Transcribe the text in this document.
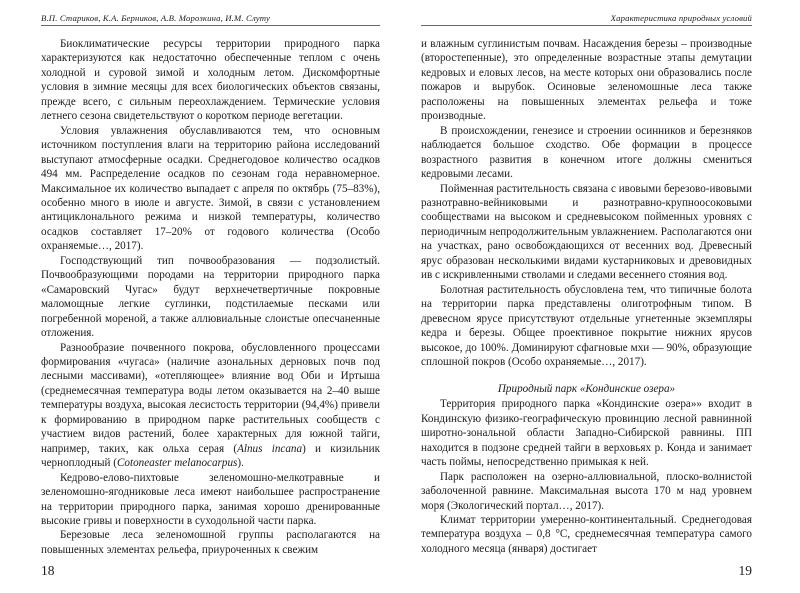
В.П. Стариков, К.А. Берников, А.В. Морозкина, И.М. Слуту

Биоклиматические ресурсы территории природного парка характеризуются как недостаточно обеспеченные теплом с очень холодной и суровой зимой и холодным летом. Дискомфортные условия в зимние месяцы для всех биологических объектов связаны, прежде всего, с сильным переохлаждением. Термические условия летнего сезона свидетельствуют о коротком периоде вегетации.

Условия увлажнения обуславливаются тем, что основным источником поступления влаги на территорию района исследований выступают атмосферные осадки. Среднегодовое количество осадков 494 мм. Распределение осадков по сезонам года неравномерное. Максимальное их количество выпадает с апреля по октябрь (75–83%), особенно много в июле и августе. Зимой, в связи с установлением антициклонального режима и низкой температуры, количество осадков составляет 17–20% от годового количества (Особо охраняемые…, 2017).

Господствующий тип почвообразования — подзолистый. Почвообразующими породами на территории природного парка «Самаровский Чугас» будут верхнечетвертичные покровные маломощные легкие суглинки, подстилаемые песками или погребенной мореной, а также аллювиальные слоистые опесчаненные отложения.

Разнообразие почвенного покрова, обусловленного процессами формирования «чугаса» (наличие азональных дерновых почв под лесными массивами), «отепляющее» влияние вод Оби и Иртыша (среднемесячная температура воды летом оказывается на 2–40 выше температуры воздуха, высокая лесистость территории (94,4%) привели к формированию в природном парке растительных сообществ с участием видов растений, более характерных для южной тайги, например, таких, как ольха серая (Alnus incana) и кизильник черноплодный (Cotoneaster melanocarpus).

Кедрово-елово-пихтовые зеленомошно-мелкотравные и зеленомошно-ягодниковые леса имеют наибольшее распространение на территории природного парка, занимая хорошо дренированные высокие гривы и поверхности в суходольной части парка.

Березовые леса зеленомошной группы располагаются на повышенных элементах рельефа, приуроченных к свежим

18
Характеристика природных условий

и влажным суглинистым почвам. Насаждения березы – производные (второстепенные), это определенные возрастные этапы демутации кедровых и еловых лесов, на месте которых они образовались после пожаров и вырубок. Осиновые зеленомошные леса также расположены на повышенных элементах рельефа и тоже производные.

В происхождении, генезисе и строении осинников и березняков наблюдается большое сходство. Обе формации в процессе возрастного развития в конечном итоге должны смениться кедровыми лесами.

Пойменная растительность связана с ивовыми березово-ивовыми разнотравно-вейниковыми и разнотравно-крупноосоковыми сообществами на высоком и средневысоком пойменных уровнях с периодичным непродолжительным увлажнением. Располагаются они на участках, рано освобождающихся от весенних вод. Древесный ярус образован несколькими видами кустарниковых и древовидных ив с искривленными стволами и следами весеннего стояния вод.

Болотная растительность обусловлена тем, что типичные болота на территории парка представлены олиготрофным типом. В древесном ярусе присутствуют отдельные угнетенные экземпляры кедра и березы. Общее проективное покрытие нижних ярусов высокое, до 100%. Доминируют сфагновые мхи — 90%, образующие сплошной покров (Особо охраняемые…, 2017).

Природный парк «Кондинские озера»

Территория природного парка «Кондинские озера»» входит в Кондинскую физико-географическую провинцию лесной равнинной широтно-зональной области Западно-Сибирской равнины. ПП находится в подзоне средней тайги в верховьях р. Конда и занимает часть поймы, непосредственно примыкая к ней.

Парк расположен на озерно-аллювиальной, плоско-волнистой заболоченной равнине. Максимальная высота 170 м над уровнем моря (Экологический портал…, 2017).

Климат территории умеренно-континентальный. Среднегодовая температура воздуха – 0,8 °С, среднемесячная температура самого холодного месяца (января) достигает

19
